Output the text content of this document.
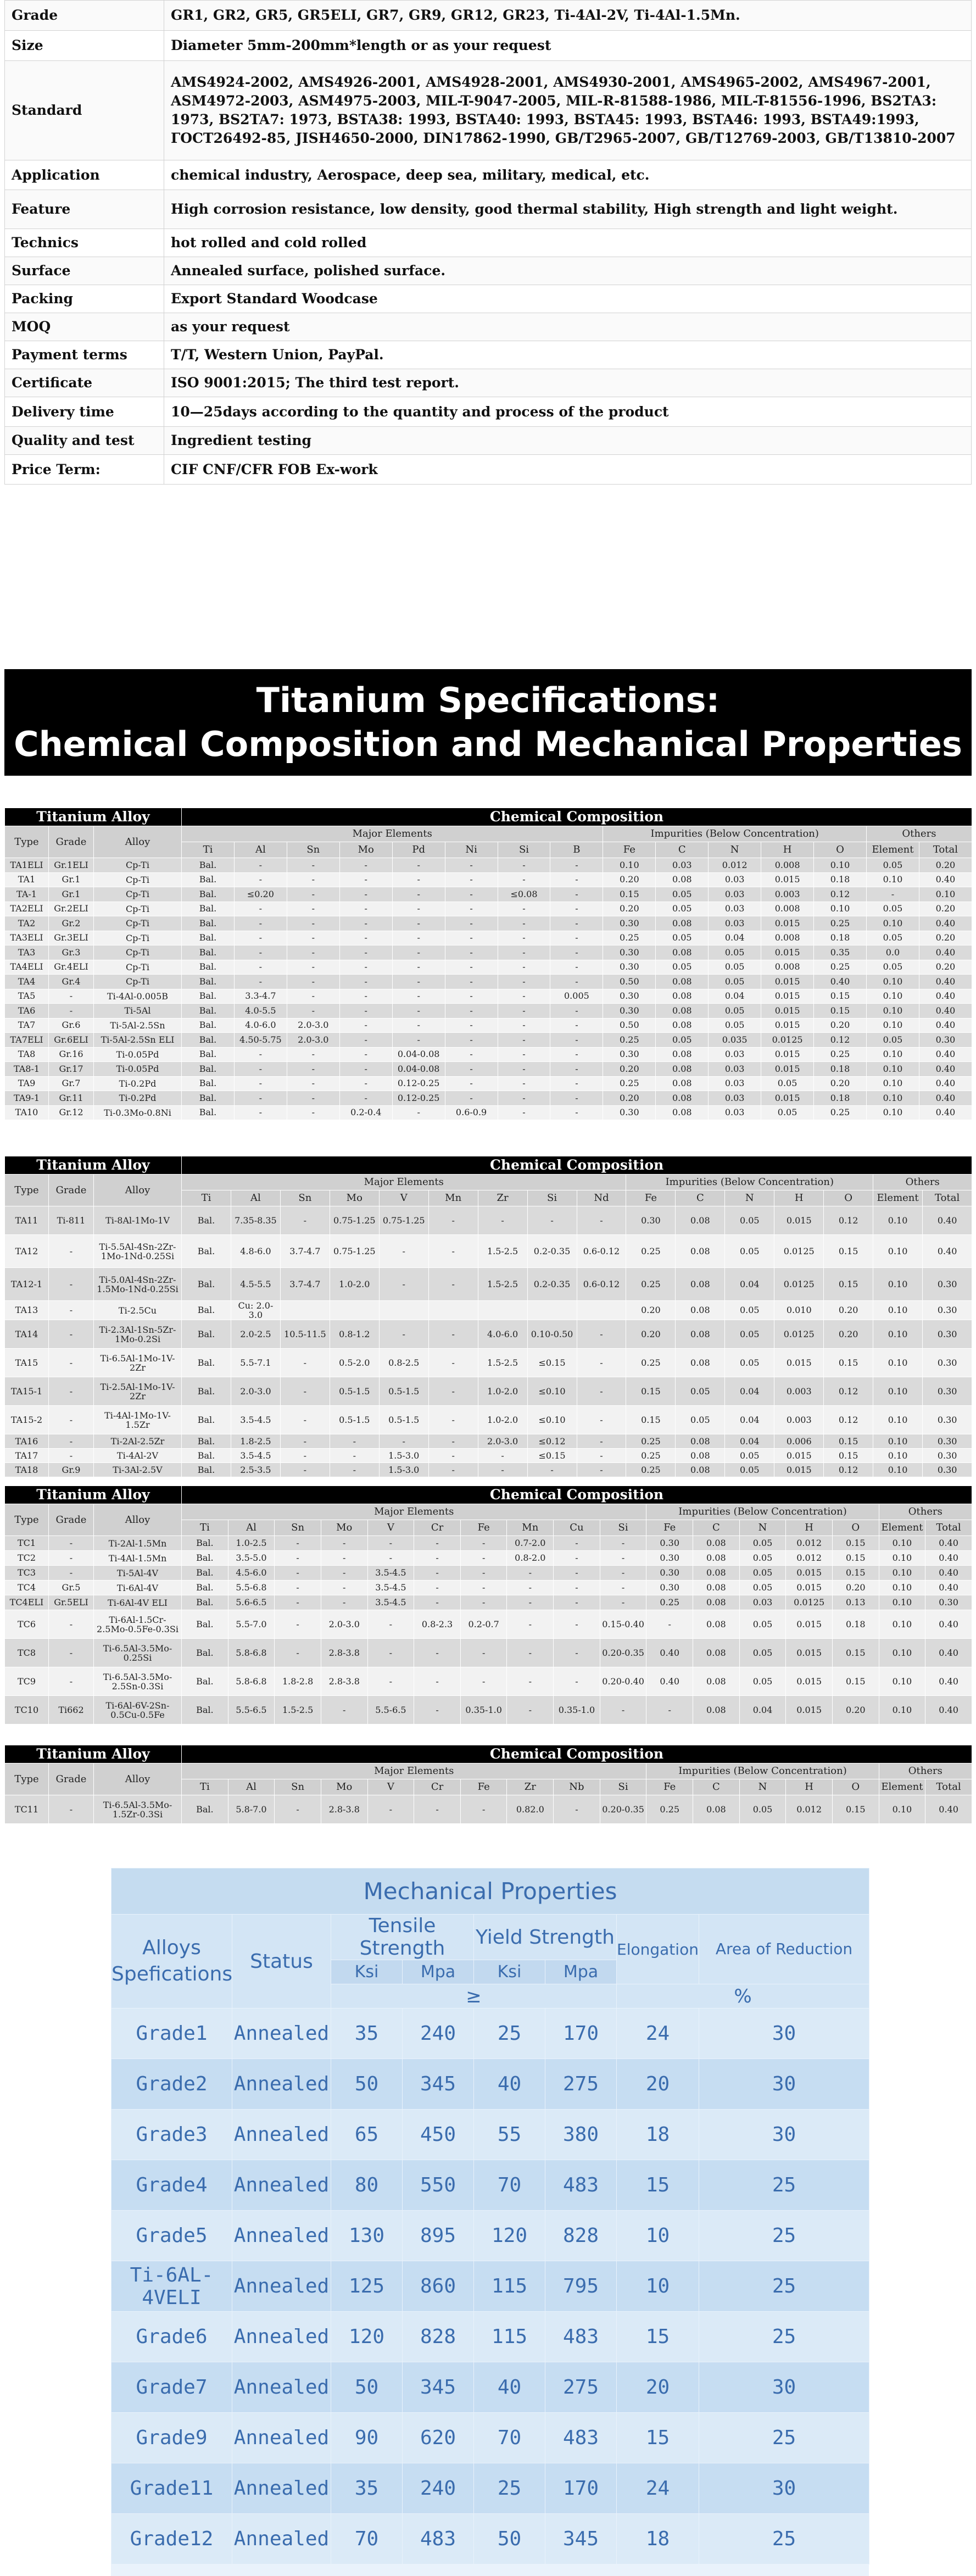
Grade	GR1, GR2, GR5, GR5ELI, GR7, GR9, GR12, GR23, Ti-4Al-2V, Ti-4Al-1.5Mn.
Size	Diameter 5mm-200mm*length or as your request
Standard	AMS4924-2002, AMS4926-2001, AMS4928-2001, AMS4930-2001, AMS4965-2002, AMS4967-2001, ASM4972-2003, ASM4975-2003, MIL-T-9047-2005, MIL-R-81588-1986, MIL-T-81556-1996, BS2TA3: 1973, BS2TA7: 1973, BSTA38: 1993, BSTA40: 1993, BSTA45: 1993, BSTA46: 1993, BSTA49:1993, ГОСТ26492-85, JISH4650-2000, DIN17862-1990, GB/T2965-2007, GB/T12769-2003, GB/T13810-2007
Application	chemical industry, Aerospace, deep sea, military, medical, etc.
Feature	High corrosion resistance, low density, good thermal stability, High strength and light weight.
Technics	hot rolled and cold rolled
Surface	Annealed surface, polished surface.
Packing	Export Standard Woodcase
MOQ	as your request
Payment terms	T/T, Western Union, PayPal.
Certificate	ISO 9001:2015; The third test report.
Delivery time	10—25days according to the quantity and process of the product
Quality and test	Ingredient testing
Price Term:	CIF CNF/CFR FOB Ex-work
Titanium Specifications:
Chemical Composition and Mechanical Properties
Titanium Alloy			Chemical Composition														
Type	Grade	Alloy	Major Elements								Impurities (Below Concentration)					Others	
			Ti	Al	Sn	Mo	Pd	Ni	Si	B	Fe	C	N	H	O	Element	Total
TA1ELI	Gr.1ELI	Cp-Ti	Bal.	-	-	-	-	-	-	-	0.10	0.03	0.012	0.008	0.10	0.05	0.20
TA1	Gr.1	Cp-Ti	Bal.	-	-	-	-	-	-	-	0.20	0.08	0.03	0.015	0.18	0.10	0.40
TA-1	Gr.1	Cp-Ti	Bal.	≤0.20	-	-	-	-	≤0.08	-	0.15	0.05	0.03	0.003	0.12	-	0.10
TA2ELI	Gr.2ELI	Cp-Ti	Bal.	-	-	-	-	-	-	-	0.20	0.05	0.03	0.008	0.10	0.05	0.20
TA2	Gr.2	Cp-Ti	Bal.	-	-	-	-	-	-	-	0.30	0.08	0.03	0.015	0.25	0.10	0.40
TA3ELI	Gr.3ELI	Cp-Ti	Bal.	-	-	-	-	-	-	-	0.25	0.05	0.04	0.008	0.18	0.05	0.20
TA3	Gr.3	Cp-Ti	Bal.	-	-	-	-	-	-	-	0.30	0.08	0.05	0.015	0.35	0.0	0.40
TA4ELI	Gr.4ELI	Cp-Ti	Bal.	-	-	-	-	-	-	-	0.30	0.05	0.05	0.008	0.25	0.05	0.20
TA4	Gr.4	Cp-Ti	Bal.	-	-	-	-	-	-	-	0.50	0.08	0.05	0.015	0.40	0.10	0.40
TA5	-	Ti-4Al-0.005B	Bal.	3.3-4.7	-	-	-	-	-	0.005	0.30	0.08	0.04	0.015	0.15	0.10	0.40
TA6	-	Ti-5Al	Bal.	4.0-5.5	-	-	-	-	-	-	0.30	0.08	0.05	0.015	0.15	0.10	0.40
TA7	Gr.6	Ti-5Al-2.5Sn	Bal.	4.0-6.0	2.0-3.0	-	-	-	-	-	0.50	0.08	0.05	0.015	0.20	0.10	0.40
TA7ELI	Gr.6ELI	Ti-5Al-2.5Sn ELI	Bal.	4.50-5.75	2.0-3.0	-	-	-	-	-	0.25	0.05	0.035	0.0125	0.12	0.05	0.30
TA8	Gr.16	Ti-0.05Pd	Bal.	-	-	-	0.04-0.08	-	-	-	0.30	0.08	0.03	0.015	0.25	0.10	0.40
TA8-1	Gr.17	Ti-0.05Pd	Bal.	-	-	-	0.04-0.08	-	-	-	0.20	0.08	0.03	0.015	0.18	0.10	0.40
TA9	Gr.7	Ti-0.2Pd	Bal.	-	-	-	0.12-0.25	-	-	-	0.25	0.08	0.03	0.05	0.20	0.10	0.40
TA9-1	Gr.11	Ti-0.2Pd	Bal.	-	-	-	0.12-0.25	-	-	-	0.20	0.08	0.03	0.015	0.18	0.10	0.40
TA10	Gr.12	Ti-0.3Mo-0.8Ni	Bal.	-	-	0.2-0.4	-	0.6-0.9	-	-	0.30	0.08	0.03	0.05	0.25	0.10	0.40
Titanium Alloy			Chemical Composition															
Type	Grade	Alloy	Major Elements									Impurities (Below Concentration)					Others	
			Ti	Al	Sn	Mo	V	Mn	Zr	Si	Nd	Fe	C	N	H	O	Element	Total
TA11	Ti-811	Ti-8Al-1Mo-1V	Bal.	7.35-8.35	-	0.75-1.25	0.75-1.25	-	-	-	-	0.30	0.08	0.05	0.015	0.12	0.10	0.40
TA12	-	Ti-5.5Al-4Sn-2Zr-1Mo-1Nd-0.25Si	Bal.	4.8-6.0	3.7-4.7	0.75-1.25	-	-	1.5-2.5	0.2-0.35	0.6-0.12	0.25	0.08	0.05	0.0125	0.15	0.10	0.40
TA12-1	-	Ti-5.0Al-4Sn-2Zr-1.5Mo-1Nd-0.25Si	Bal.	4.5-5.5	3.7-4.7	1.0-2.0	-	-	1.5-2.5	0.2-0.35	0.6-0.12	0.25	0.08	0.04	0.0125	0.15	0.10	0.30
TA13	-	Ti-2.5Cu	Bal.	Cu: 2.0-3.0								0.20	0.08	0.05	0.010	0.20	0.10	0.30
TA14	-	Ti-2.3Al-1Sn-5Zr-1Mo-0.2Si	Bal.	2.0-2.5	10.5-11.5	0.8-1.2	-	-	4.0-6.0	0.10-0.50	-	0.20	0.08	0.05	0.0125	0.20	0.10	0.30
TA15	-	Ti-6.5Al-1Mo-1V-2Zr	Bal.	5.5-7.1	-	0.5-2.0	0.8-2.5	-	1.5-2.5	≤0.15	-	0.25	0.08	0.05	0.015	0.15	0.10	0.30
TA15-1	-	Ti-2.5Al-1Mo-1V-2Zr	Bal.	2.0-3.0	-	0.5-1.5	0.5-1.5	-	1.0-2.0	≤0.10	-	0.15	0.05	0.04	0.003	0.12	0.10	0.30
TA15-2	-	Ti-4Al-1Mo-1V-1.5Zr	Bal.	3.5-4.5	-	0.5-1.5	0.5-1.5	-	1.0-2.0	≤0.10	-	0.15	0.05	0.04	0.003	0.12	0.10	0.30
TA16	-	Ti-2Al-2.5Zr	Bal.	1.8-2.5	-	-	-	-	2.0-3.0	≤0.12	-	0.25	0.08	0.04	0.006	0.15	0.10	0.30
TA17	-	Ti-4Al-2V	Bal.	3.5-4.5	-	-	1.5-3.0	-	-	≤0.15	-	0.25	0.08	0.05	0.015	0.15	0.10	0.30
TA18	Gr.9	Ti-3Al-2.5V	Bal.	2.5-3.5	-	-	1.5-3.0	-	-	-	-	0.25	0.08	0.05	0.015	0.12	0.10	0.30
Titanium Alloy			Chemical Composition																
Type	Grade	Alloy	Major Elements										Impurities (Below Concentration)					Others	
			Ti	Al	Sn	Mo	V	Cr	Fe	Mn	Cu	Si	Fe	C	N	H	O	Element	Total
TC1	-	Ti-2Al-1.5Mn	Bal.	1.0-2.5	-	-	-	-	-	0.7-2.0	-	-	0.30	0.08	0.05	0.012	0.15	0.10	0.40
TC2	-	Ti-4Al-1.5Mn	Bal.	3.5-5.0	-	-	-	-	-	0.8-2.0	-	-	0.30	0.08	0.05	0.012	0.15	0.10	0.40
TC3	-	Ti-5Al-4V	Bal.	4.5-6.0	-	-	3.5-4.5	-	-	-	-	-	0.30	0.08	0.05	0.015	0.15	0.10	0.40
TC4	Gr.5	Ti-6Al-4V	Bal.	5.5-6.8	-	-	3.5-4.5	-	-	-	-	-	0.30	0.08	0.05	0.015	0.20	0.10	0.40
TC4ELI	Gr.5ELI	Ti-6Al-4V ELI	Bal.	5.6-6.5	-	-	3.5-4.5	-	-	-	-	-	0.25	0.08	0.03	0.0125	0.13	0.10	0.30
TC6	-	Ti-6Al-1.5Cr-2.5Mo-0.5Fe-0.3Si	Bal.	5.5-7.0	-	2.0-3.0	-	0.8-2.3	0.2-0.7	-	-	0.15-0.40	-	0.08	0.05	0.015	0.18	0.10	0.40
TC8	-	Ti-6.5Al-3.5Mo-0.25Si	Bal.	5.8-6.8	-	2.8-3.8	-	-	-	-	-	0.20-0.35	0.40	0.08	0.05	0.015	0.15	0.10	0.40
TC9	-	Ti-6.5Al-3.5Mo-2.5Sn-0.3Si	Bal.	5.8-6.8	1.8-2.8	2.8-3.8	-	-	-	-	-	0.20-0.40	0.40	0.08	0.05	0.015	0.15	0.10	0.40
TC10	Ti662	Ti-6Al-6V-2Sn-0.5Cu-0.5Fe	Bal.	5.5-6.5	1.5-2.5	-	5.5-6.5	-	0.35-1.0	-	0.35-1.0	-	-	0.08	0.04	0.015	0.20	0.10	0.40
Titanium Alloy			Chemical Composition																
Type	Grade	Alloy	Major Elements										Impurities (Below Concentration)					Others	
			Ti	Al	Sn	Mo	V	Cr	Fe	Zr	Nb	Si	Fe	C	N	H	O	Element	Total
TC11	-	Ti-6.5Al-3.5Mo-1.5Zr-0.3Si	Bal.	5.8-7.0	-	2.8-3.8	-	-	-	0.82.0	-	0.20-0.35	0.25	0.08	0.05	0.012	0.15	0.10	0.40
Mechanical Properties							
Alloys Spefications	Status	Tensile Strength		Yield Strength		Elongation	Area of Reduction
		Ksi	Mpa	Ksi	Mpa		
		≥				%	
Grade1	Annealed	35	240	25	170	24	30
Grade2	Annealed	50	345	40	275	20	30
Grade3	Annealed	65	450	55	380	18	30
Grade4	Annealed	80	550	70	483	15	25
Grade5	Annealed	130	895	120	828	10	25
Ti-6AL-4VELI	Annealed	125	860	115	795	10	25
Grade6	Annealed	120	828	115	483	15	25
Grade7	Annealed	50	345	40	275	20	30
Grade9	Annealed	90	620	70	483	15	25
Grade11	Annealed	35	240	25	170	24	30
Grade12	Annealed	70	483	50	345	18	25
